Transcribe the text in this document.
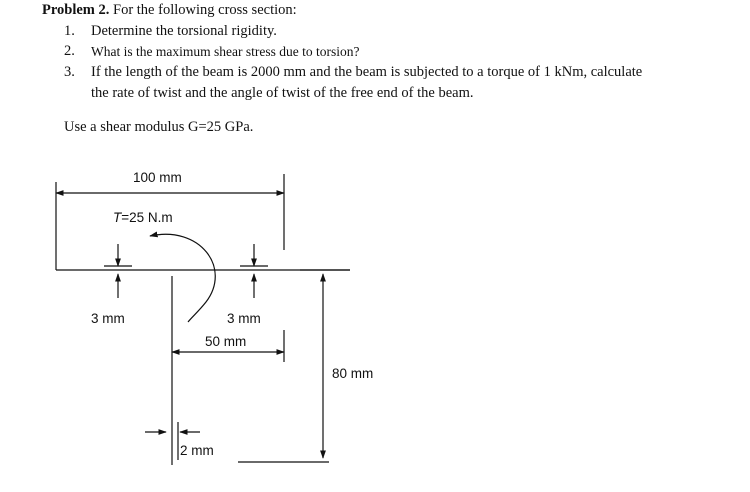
Problem 2. For the following cross section:
1. Determine the torsional rigidity.
2. What is the maximum shear stress due to torsion?
3. If the length of the beam is 2000 mm and the beam is subjected to a torque of 1 kNm, calculate
the rate of twist and the angle of twist of the free end of the beam.
Use a shear modulus G=25 GPa.
100 mm
T=25 N.m
3 mm	3 mm
50 mm
80 mm
2 mm
